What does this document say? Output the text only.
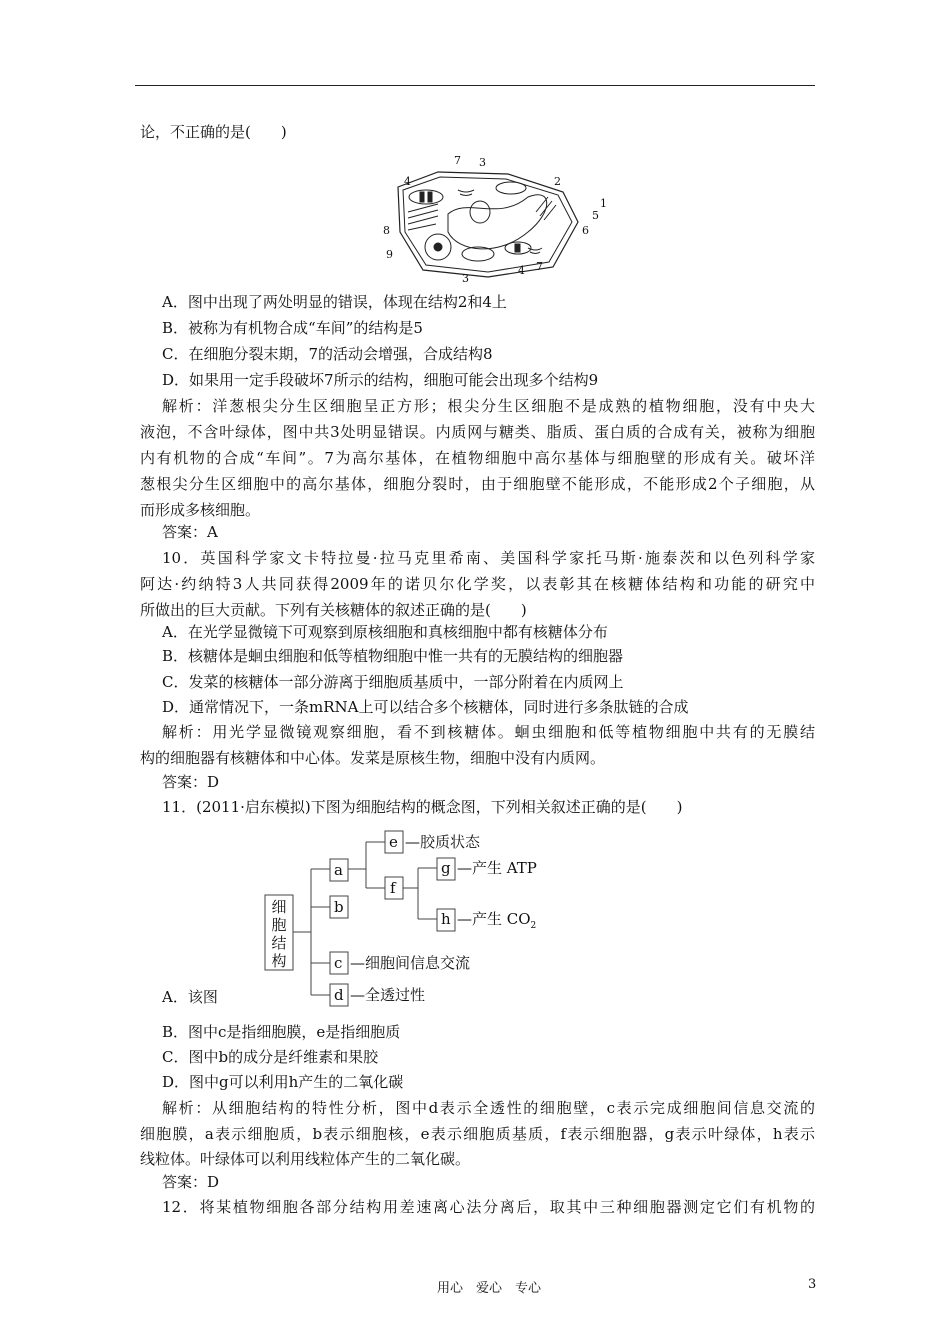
论，不正确的是(　　)
7 3
4	2
1
5
8	6
9
3
4 7
A．图中出现了两处明显的错误，体现在结构2和4上
B．被称为有机物合成“车间”的结构是5
C．在细胞分裂末期，7的活动会增强，合成结构8
D．如果用一定手段破坏7所示的结构，细胞可能会出现多个结构9
解析：洋葱根尖分生区细胞呈正方形；根尖分生区细胞不是成熟的植物细胞，没有中央大
液泡，不含叶绿体，图中共3处明显错误。内质网与糖类、脂质、蛋白质的合成有关，被称为细胞
内有机物的合成“车间”。7为高尔基体，在植物细胞中高尔基体与细胞壁的形成有关。破坏洋
葱根尖分生区细胞中的高尔基体，细胞分裂时，由于细胞壁不能形成，不能形成2个子细胞，从
而形成多核细胞。
答案：A
10．英国科学家文卡特拉曼·拉马克里希南、美国科学家托马斯·施泰茨和以色列科学家
阿达·约纳特3人共同获得2009年的诺贝尔化学奖，以表彰其在核糖体结构和功能的研究中
所做出的巨大贡献。下列有关核糖体的叙述正确的是(　　)
A．在光学显微镜下可观察到原核细胞和真核细胞中都有核糖体分布
B．核糖体是蛔虫细胞和低等植物细胞中惟一共有的无膜结构的细胞器
C．发菜的核糖体一部分游离于细胞质基质中，一部分附着在内质网上
D．通常情况下，一条mRNA上可以结合多个核糖体，同时进行多条肽链的合成
解析：用光学显微镜观察细胞，看不到核糖体。蛔虫细胞和低等植物细胞中共有的无膜结
构的细胞器有核糖体和中心体。发菜是原核生物，细胞中没有内质网。
答案：D
11．(2011·启东模拟)下图为细胞结构的概念图，下列相关叙述正确的是(　　)
细胞结构
a
b
c
d
e
f
g
h
—胶质状态
—产生 ATP
—产生 $CO_2$
—细胞间信息交流
—全透过性
A．该图
B．图中c是指细胞膜，e是指细胞质
C．图中b的成分是纤维素和果胶
D．图中g可以利用h产生的二氧化碳
解析：从细胞结构的特性分析，图中d表示全透性的细胞壁，c表示完成细胞间信息交流的
细胞膜，a表示细胞质，b表示细胞核，e表示细胞质基质，f表示细胞器，g表示叶绿体，h表示
线粒体。叶绿体可以利用线粒体产生的二氧化碳。
答案：D
12．将某植物细胞各部分结构用差速离心法分离后，取其中三种细胞器测定它们有机物的
用心　爱心　专心	3
